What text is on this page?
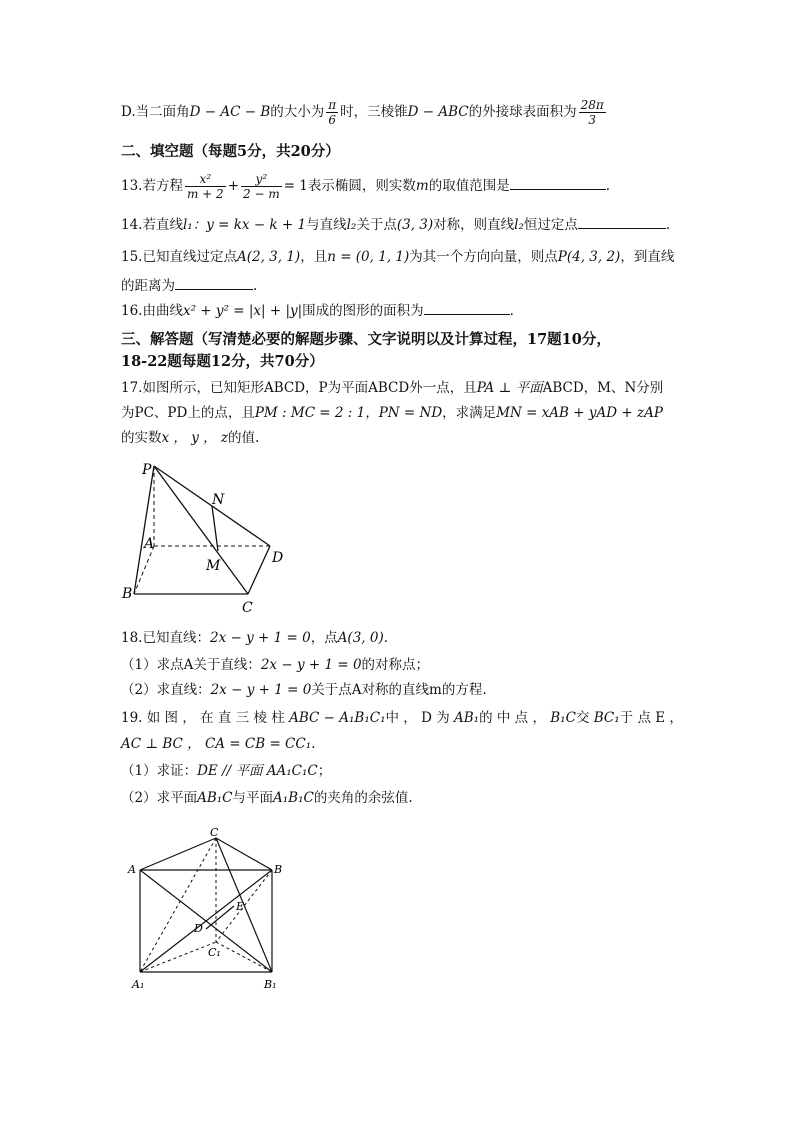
D.当二面角D − AC − B的大小为 $\frac{\pi}{6}$ 时，三棱锥D − ABC的外接球表面积为 $\frac{28\pi}{3}$
二、填空题（每题5分，共20分）
13.若方程 $\frac{\text{x²}}{m + 2} + \frac{\text{y²}}{2 - m} = 1$表示椭圆，则实数m的取值范围是	.
14.若直线l₁：y = kx − k + 1与直线l₂关于点(3, 3)对称，则直线l₂恒过定点	.
15.已知直线过定点A(2, 3, 1)，且n = (0, 1, 1)为其一个方向向量，则点P(4, 3, 2)，到直线
的距离为	.
16.由曲线x² + y² = |x| + |y|围成的图形的面积为	.
三、解答题（写清楚必要的解题步骤、文字说明以及计算过程，17题10分，
18-22题每题12分，共70分）
17.如图所示，已知矩形ABCD，P为平面ABCD外一点，且PA ⊥ 平面ABCD，M、N分别
为PC、PD上的点，且PM : MC = 2 : 1，PN = ND，求满足MN = xAB + yAD + zAP
的实数x ， y ， z的值.
P
N
A
M	D
B
C
18.已知直线：2x − y + 1 = 0，点A(3, 0).
（1）求点A关于直线：2x − y + 1 = 0的对称点；
（2）求直线：2x − y + 1 = 0关于点A对称的直线m的方程.
19. 如 图 ， 在 直 三 棱 柱 ABC − A₁B₁C₁中 ， D 为 AB₁的 中 点 ， B₁C交 BC₁于 点 E ，
AC ⊥ BC ， CA = CB = CC₁.
（1）求证：DE // 平面 AA₁C₁C；
（2）求平面AB₁C与平面A₁B₁C的夹角的余弦值.
C
A	B
E
D
C₁
A₁	B₁
